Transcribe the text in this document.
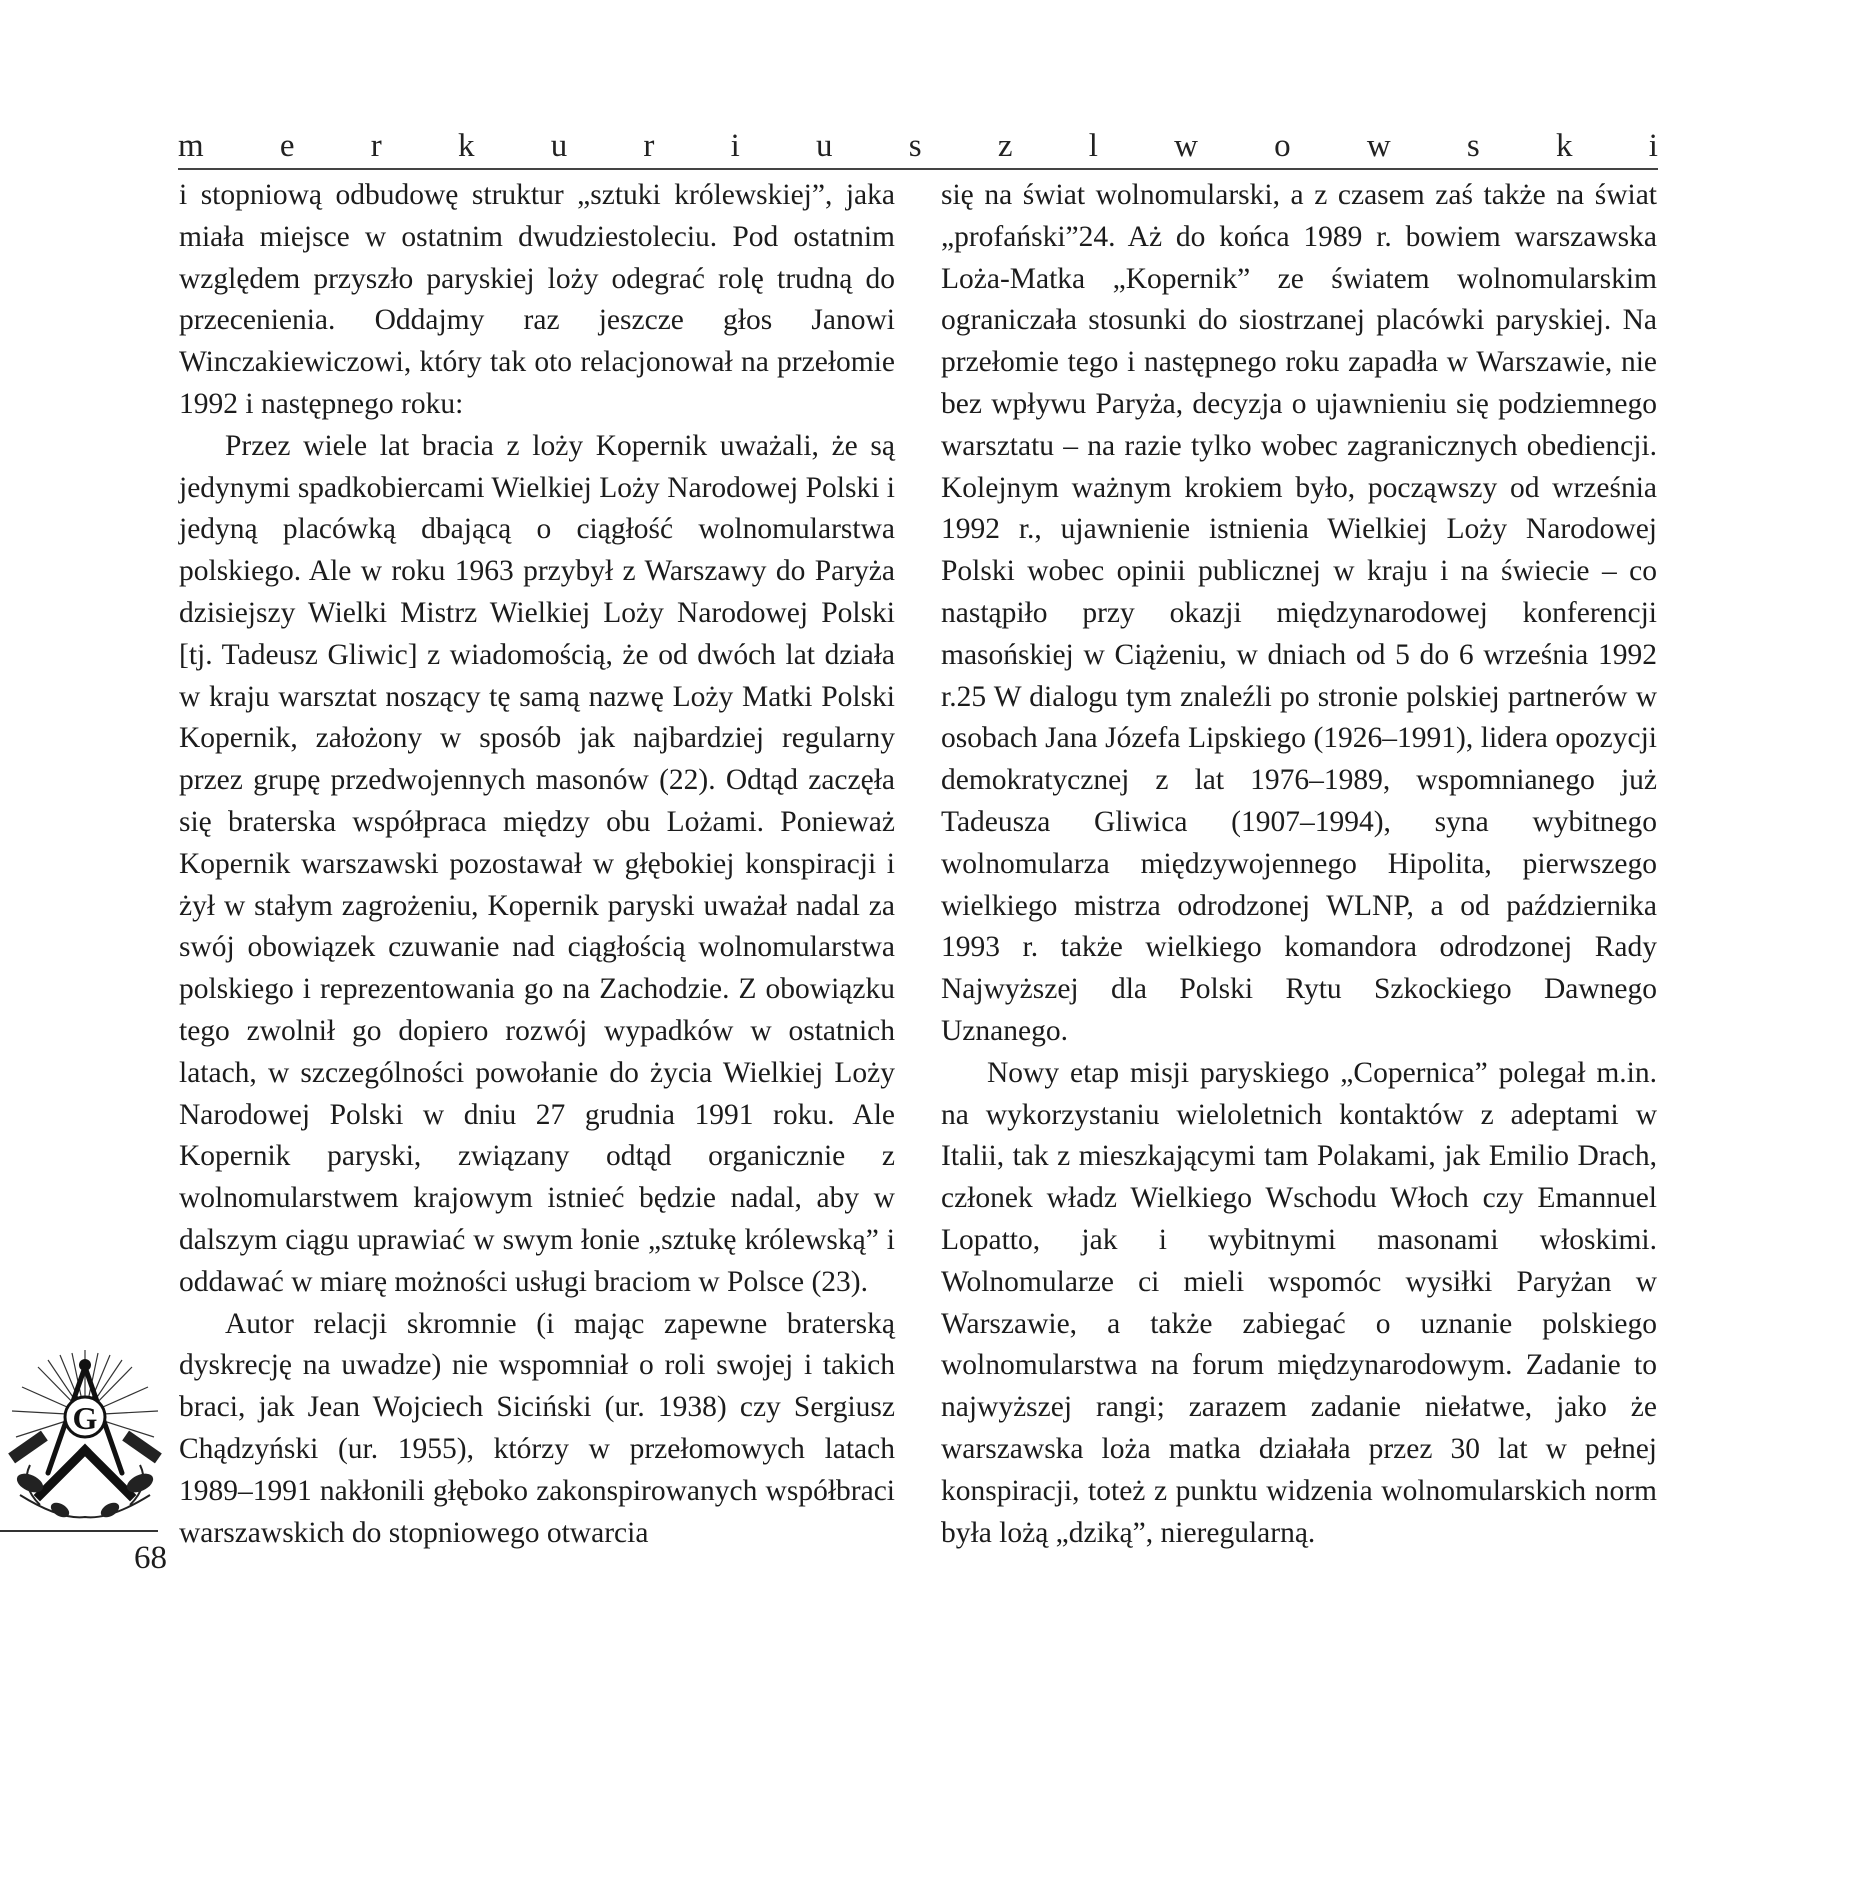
m e r k u r i u s z l w o w s k i

i stopniową odbudowę struktur „sztuki królewskiej”, jaka miała miejsce w ostatnim dwudziestoleciu. Pod ostatnim względem przyszło paryskiej loży odegrać rolę trudną do przecenienia. Oddajmy raz jeszcze głos Janowi Winczakiewiczowi, który tak oto relacjonował na przełomie 1992 i następnego roku:

Przez wiele lat bracia z loży Kopernik uważali, że są jedynymi spadkobiercami Wielkiej Loży Narodowej Polski i jedyną placówką dbającą o ciągłość wolnomularstwa polskiego. Ale w roku 1963 przybył z Warszawy do Paryża dzisiejszy Wielki Mistrz Wielkiej Loży Narodowej Polski [tj. Tadeusz Gliwic] z wiadomością, że od dwóch lat działa w kraju warsztat noszący tę samą nazwę Loży Matki Polski Kopernik, założony w sposób jak najbardziej regularny przez grupę przedwojennych masonów (22). Odtąd zaczęła się braterska współpraca między obu Lożami. Ponieważ Kopernik warszawski pozostawał w głębokiej konspiracji i żył w stałym zagrożeniu, Kopernik paryski uważał nadal za swój obowiązek czuwanie nad ciągłością wolnomularstwa polskiego i reprezentowania go na Zachodzie. Z obowiązku tego zwolnił go dopiero rozwój wypadków w ostatnich latach, w szczególności powołanie do życia Wielkiej Loży Narodowej Polski w dniu 27 grudnia 1991 roku. Ale Kopernik paryski, związany odtąd organicznie z wolnomularstwem krajowym istnieć będzie nadal, aby w dalszym ciągu uprawiać w swym łonie „sztukę królewską” i oddawać w miarę możności usługi braciom w Polsce (23).

Autor relacji skromnie (i mając zapewne braterską dyskrecję na uwadze) nie wspomniał o roli swojej i takich braci, jak Jean Wojciech Siciński (ur. 1938) czy Sergiusz Chądzyński (ur. 1955), którzy w przełomowych latach 1989–1991 nakłonili głęboko zakonspirowanych współbraci warszawskich do stopniowego otwarcia

się na świat wolnomularski, a z czasem zaś także na świat „profański”24. Aż do końca 1989 r. bowiem warszawska Loża-Matka „Kopernik” ze światem wolnomularskim ograniczała stosunki do siostrzanej placówki paryskiej. Na przełomie tego i następnego roku zapadła w Warszawie, nie bez wpływu Paryża, decyzja o ujawnieniu się podziemnego warsztatu – na razie tylko wobec zagranicznych obediencji. Kolejnym ważnym krokiem było, począwszy od września 1992 r., ujawnienie istnienia Wielkiej Loży Narodowej Polski wobec opinii publicznej w kraju i na świecie – co nastąpiło przy okazji międzynarodowej konferencji masońskiej w Ciążeniu, w dniach od 5 do 6 września 1992 r.25 W dialogu tym znaleźli po stronie polskiej partnerów w osobach Jana Józefa Lipskiego (1926–1991), lidera opozycji demokratycznej z lat 1976–1989, wspomnianego już Tadeusza Gliwica (1907–1994), syna wybitnego wolnomularza międzywojennego Hipolita, pierwszego wielkiego mistrza odrodzonej WLNP, a od października 1993 r. także wielkiego komandora odrodzonej Rady Najwyższej dla Polski Rytu Szkockiego Dawnego Uznanego.

Nowy etap misji paryskiego „Copernica” polegał m.in. na wykorzystaniu wieloletnich kontaktów z adeptami w Italii, tak z mieszkającymi tam Polakami, jak Emilio Drach, członek władz Wielkiego Wschodu Włoch czy Emannuel Lopatto, jak i wybitnymi masonami włoskimi. Wolnomularze ci mieli wspomóc wysiłki Paryżan w Warszawie, a także zabiegać o uznanie polskiego wolnomularstwa na forum międzynarodowym. Zadanie to najwyższej rangi; zarazem zadanie niełatwe, jako że warszawska loża matka działała przez 30 lat w pełnej konspiracji, toteż z punktu widzenia wolnomularskich norm była lożą „dziką”, nieregularną.

G
68
